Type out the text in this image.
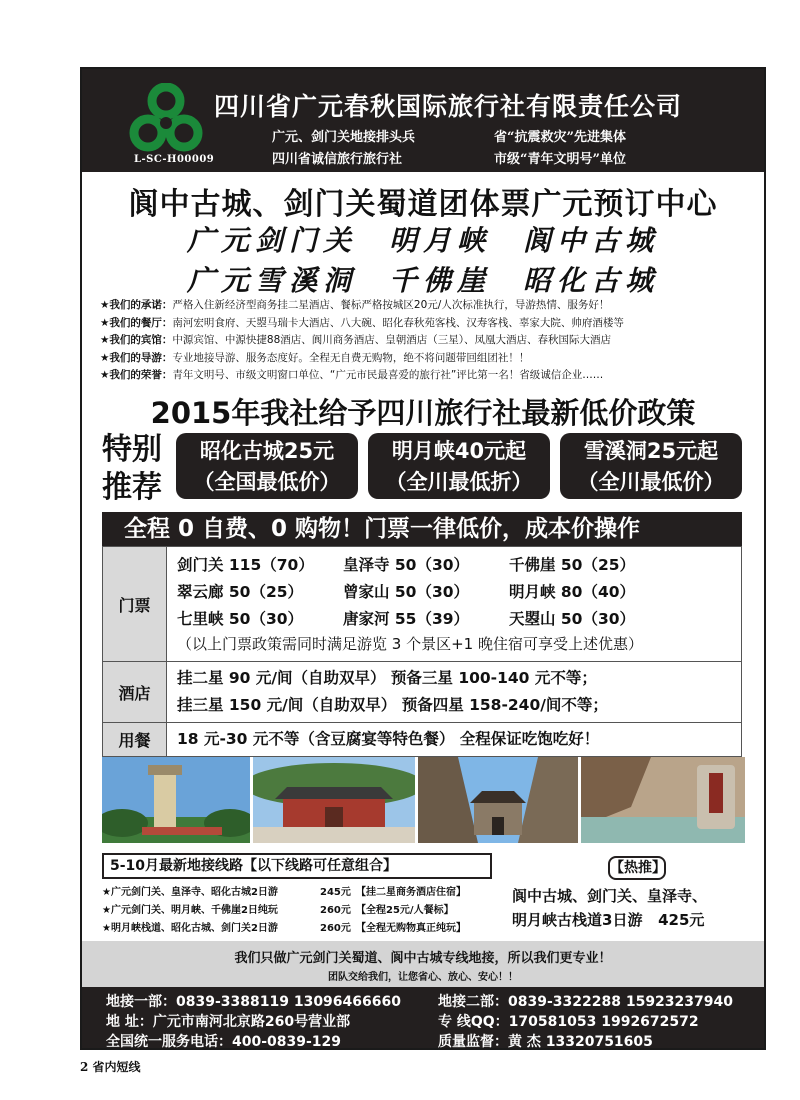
L-SC-H00009
四川省广元春秋国际旅行社有限责任公司
广元、剑门关地接排头兵	省“抗震救灾”先进集体
四川省诚信旅行旅行社	市级“青年文明号”单位
阆中古城、剑门关蜀道团体票广元预订中心
广元剑门关 明月峡 阆中古城
广元雪溪洞 千佛崖 昭化古城
★我们的承诺：严格入住新经济型商务挂二星酒店、餐标严格按城区20元/人次标准执行，导游热情、服务好！
★我们的餐厅：南河宏明食府、天曌马瑞卡大酒店、八大碗、昭化春秋苑客栈、汉寿客栈、辜家大院、帅府酒楼等
★我们的宾馆：中源宾馆、中源快捷88酒店、阆川商务酒店、皇朝酒店（三星）、凤凰大酒店、春秋国际大酒店
★我们的导游：专业地接导游、服务态度好。全程无自费无购物，绝不将问题带回组团社！！
★我们的荣誉：青年文明号、市级文明窗口单位、“广元市民最喜爱的旅行社”评比第一名！省级诚信企业……
2015年我社给予四川旅行社最新低价政策
特别推荐
昭化古城25元
（全国最低价）
明月峡40元起
（全川最低折）
雪溪洞25元起
（全川最低价）
全程 0 自费、0 购物！门票一律低价，成本价操作
门票
剑门关 115（70）	皇泽寺 50（30）	千佛崖 50（25）
翠云廊 50（25）	曾家山 50（30）	明月峡 80（40）
七里峡 50（30）	唐家河 55（39）	天曌山 50（30）
（以上门票政策需同时满足游览 3 个景区+1 晚住宿可享受上述优惠）
酒店
挂二星 90 元/间（自助双早） 预备三星 100-140 元不等；
挂三星 150 元/间（自助双早） 预备四星 158-240/间不等；
用餐	18 元-30 元不等（含豆腐宴等特色餐） 全程保证吃饱吃好！
5-10月最新地接线路【以下线路可任意组合】
★广元剑门关、皇泽寺、昭化古城2日游	245元 【挂二星商务酒店住宿】
★广元剑门关、明月峡、千佛崖2日纯玩	260元 【全程25元/人餐标】
★明月峡栈道、昭化古城、剑门关2日游	260元 【全程无购物真正纯玩】
【热推】
阆中古城、剑门关、皇泽寺、
明月峡古栈道3日游 425元
我们只做广元剑门关蜀道、阆中古城专线地接，所以我们更专业！
团队交给我们，让您省心、放心、安心！！
地接一部：0839-3388119 13096466660	地接二部：0839-3322288 15923237940
地 址：广元市南河北京路260号营业部	专 线QQ：170581053 1992672572
全国统一服务电话：400-0839-129	质量监督：黄 杰 13320751605
2 省内短线
